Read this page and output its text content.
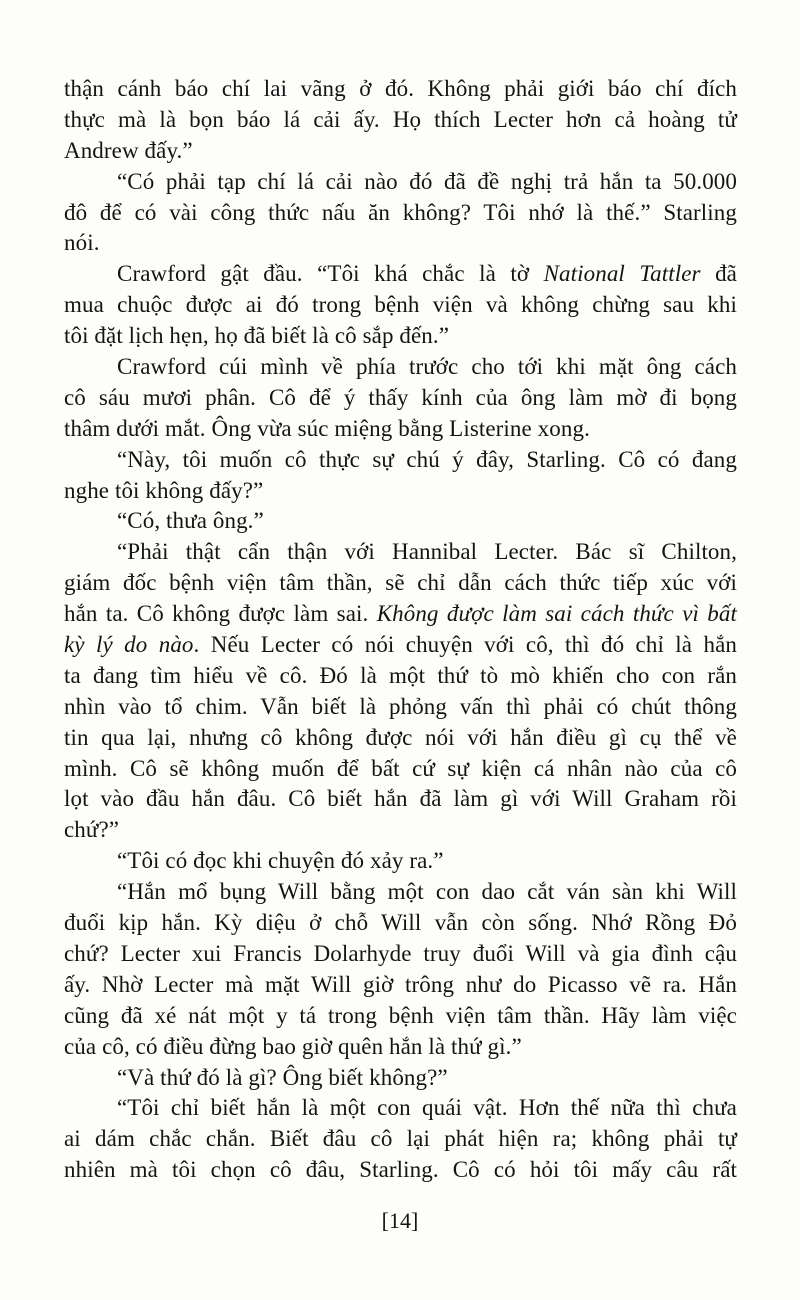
thận cánh báo chí lai vãng ở đó. Không phải giới báo chí đích
thực mà là bọn báo lá cải ấy. Họ thích Lecter hơn cả hoàng tử
Andrew đấy.”
“Có phải tạp chí lá cải nào đó đã đề nghị trả hắn ta 50.000
đô để có vài công thức nấu ăn không? Tôi nhớ là thế.” Starling
nói.
Crawford gật đầu. “Tôi khá chắc là tờ National Tattler đã
mua chuộc được ai đó trong bệnh viện và không chừng sau khi
tôi đặt lịch hẹn, họ đã biết là cô sắp đến.”
Crawford cúi mình về phía trước cho tới khi mặt ông cách
cô sáu mươi phân. Cô để ý thấy kính của ông làm mờ đi bọng
thâm dưới mắt. Ông vừa súc miệng bằng Listerine xong.
“Này, tôi muốn cô thực sự chú ý đây, Starling. Cô có đang
nghe tôi không đấy?”
“Có, thưa ông.”
“Phải thật cẩn thận với Hannibal Lecter. Bác sĩ Chilton,
giám đốc bệnh viện tâm thần, sẽ chỉ dẫn cách thức tiếp xúc với
hắn ta. Cô không được làm sai. Không được làm sai cách thức vì bất
kỳ lý do nào. Nếu Lecter có nói chuyện với cô, thì đó chỉ là hắn
ta đang tìm hiểu về cô. Đó là một thứ tò mò khiến cho con rắn
nhìn vào tổ chim. Vẫn biết là phỏng vấn thì phải có chút thông
tin qua lại, nhưng cô không được nói với hắn điều gì cụ thể về
mình. Cô sẽ không muốn để bất cứ sự kiện cá nhân nào của cô
lọt vào đầu hắn đâu. Cô biết hắn đã làm gì với Will Graham rồi
chứ?”
“Tôi có đọc khi chuyện đó xảy ra.”
“Hắn mổ bụng Will bằng một con dao cắt ván sàn khi Will
đuổi kịp hắn. Kỳ diệu ở chỗ Will vẫn còn sống. Nhớ Rồng Đỏ
chứ? Lecter xui Francis Dolarhyde truy đuổi Will và gia đình cậu
ấy. Nhờ Lecter mà mặt Will giờ trông như do Picasso vẽ ra. Hắn
cũng đã xé nát một y tá trong bệnh viện tâm thần. Hãy làm việc
của cô, có điều đừng bao giờ quên hắn là thứ gì.”
“Và thứ đó là gì? Ông biết không?”
“Tôi chỉ biết hắn là một con quái vật. Hơn thế nữa thì chưa
ai dám chắc chắn. Biết đâu cô lại phát hiện ra; không phải tự
nhiên mà tôi chọn cô đâu, Starling. Cô có hỏi tôi mấy câu rất
[14]
